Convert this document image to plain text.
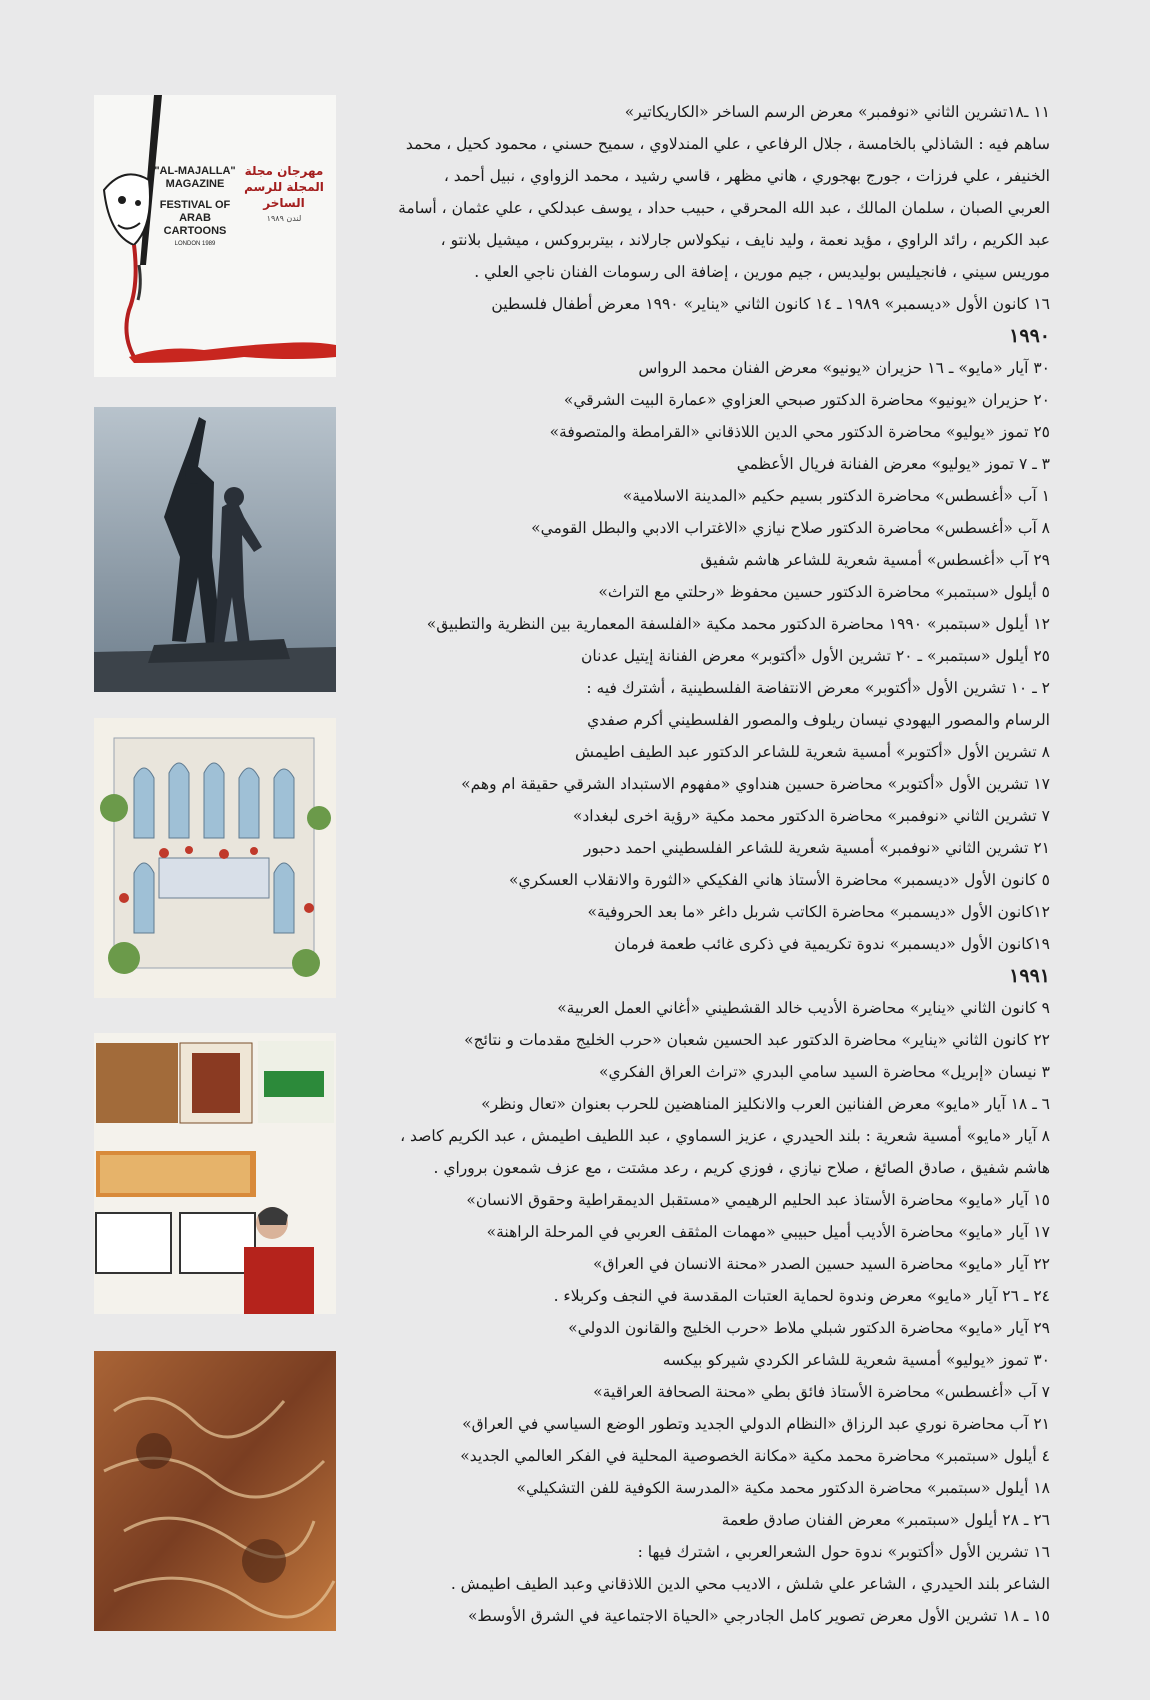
"AL-MAJALLA"
MAGAZINE
FESTIVAL OF
ARAB CARTOONS
LONDON 1989
مهرجان مجلة المجلة للرسم الساخر
لندن ١٩٨٩

١١ ـ١٨تشرين الثاني «نوفمبر» معرض الرسم الساخر «الكاريكاتير»

ساهم فيه : الشاذلي بالخامسة ، جلال الرفاعي ، علي المندلاوي ، سميح حسني ، محمود كحيل ، محمد

الخنيفر ، علي فرزات ، جورج بهجوري ، هاني مظهر ، قاسي رشيد ، محمد الزواوي ، نبيل أحمد ،

العربي الصبان ، سلمان المالك ، عبد الله المحرقي ، حبيب حداد ، يوسف عبدلكي ، علي عثمان ، أسامة

عبد الكريم ، رائد الراوي ، مؤيد نعمة ، وليد نايف ، نيكولاس جارلاند ، بيتربروكس ، ميشيل بلانتو ،

موريس سيني ، فانجيليس بوليديس ، جيم مورين ، إضافة الى رسومات الفنان ناجي العلي .

١٦ كانون الأول «ديسمبر» ١٩٨٩ ـ ١٤ كانون الثاني «يناير» ١٩٩٠ معرض أطفال فلسطين

١٩٩٠

٣٠ آيار «مايو» ـ ١٦ حزيران «يونيو» معرض الفنان محمد الرواس

٢٠ حزيران «يونيو» محاضرة الدكتور صبحي العزاوي «عمارة البيت الشرقي»

٢٥ تموز «يوليو» محاضرة الدكتور محي الدين اللاذقاني «القرامطة والمتصوفة»

٣ ـ ٧ تموز «يوليو» معرض الفنانة فريال الأعظمي

١ آب «أغسطس» محاضرة الدكتور بسيم حكيم «المدينة الاسلامية»

٨ آب «أغسطس» محاضرة الدكتور صلاح نيازي «الاغتراب الادبي والبطل القومي»

٢٩ آب «أغسطس» أمسية شعرية للشاعر هاشم شفيق

٥ أيلول «سبتمبر» محاضرة الدكتور حسين محفوظ «رحلتي مع التراث»

١٢ أيلول «سبتمبر» ١٩٩٠ محاضرة الدكتور محمد مكية «الفلسفة المعمارية بين النظرية والتطبيق»

٢٥ أيلول «سبتمبر» ـ ٢٠ تشرين الأول «أكتوبر» معرض الفنانة إيتيل عدنان

٢ ـ ١٠ تشرين الأول «أكتوبر» معرض الانتفاضة الفلسطينية ، أشترك فيه :

الرسام والمصور اليهودي نيسان ريلوف والمصور الفلسطيني أكرم صفدي

٨ تشرين الأول «أكتوبر» أمسية شعرية للشاعر الدكتور عبد الطيف اطيمش

١٧ تشرين الأول «أكتوبر» محاضرة حسين هنداوي «مفهوم الاستبداد الشرقي حقيقة ام وهم»

٧ تشرين الثاني «نوفمبر» محاضرة الدكتور محمد مكية «رؤية اخرى لبغداد»

٢١ تشرين الثاني «نوفمبر» أمسية شعرية للشاعر الفلسطيني احمد دحبور

٥ كانون الأول «ديسمبر» محاضرة الأستاذ هاني الفكيكي «الثورة والانقلاب العسكري»

١٢كانون الأول «ديسمبر» محاضرة الكاتب شربل داغر «ما بعد الحروفية»

١٩كانون الأول «ديسمبر» ندوة تكريمية في ذكرى غائب طعمة فرمان

١٩٩١

٩ كانون الثاني «يناير» محاضرة الأديب خالد القشطيني «أغاني العمل العربية»

٢٢ كانون الثاني «يناير» محاضرة الدكتور عبد الحسين شعبان «حرب الخليج مقدمات و نتائج»

٣ نيسان «إبريل» محاضرة السيد سامي البدري «تراث العراق الفكري»

٦ ـ ١٨ آيار «مايو» معرض الفنانين العرب والانكليز المناهضين للحرب بعنوان «تعال ونظر»

٨ آيار «مايو» أمسية شعرية : بلند الحيدري ، عزيز السماوي ، عبد اللطيف اطيمش ، عبد الكريم كاصد ،

هاشم شفيق ، صادق الصائغ ، صلاح نيازي ، فوزي كريم ، رعد مشتت ، مع عزف شمعون بروراي .

١٥ آيار «مايو» محاضرة الأستاذ عبد الحليم الرهيمي «مستقبل الديمقراطية وحقوق الانسان»

١٧ آيار «مايو» محاضرة الأديب أميل حبيبي «مهمات المثقف العربي في المرحلة الراهنة»

٢٢ آيار «مايو» محاضرة السيد حسين الصدر «محنة الانسان في العراق»

٢٤ ـ ٢٦ آيار «مايو» معرض وندوة لحماية العتبات المقدسة في النجف وكربلاء .

٢٩ آيار «مايو» محاضرة الدكتور شبلي ملاط «حرب الخليج والقانون الدولي»

٣٠ تموز «يوليو» أمسية شعرية للشاعر الكردي شيركو بيكسه

٧ آب «أغسطس» محاضرة الأستاذ فائق بطي «محنة الصحافة العراقية»

٢١ آب محاضرة نوري عبد الرزاق «النظام الدولي الجديد وتطور الوضع السياسي في العراق»

٤ أيلول «سبتمبر» محاضرة محمد مكية «مكانة الخصوصية المحلية في الفكر العالمي الجديد»

١٨ أيلول «سبتمبر» محاضرة الدكتور محمد مكية «المدرسة الكوفية للفن التشكيلي»

٢٦ ـ ٢٨ أيلول «سبتمبر» معرض الفنان صادق طعمة

١٦ تشرين الأول «أكتوبر» ندوة حول الشعرالعربي ، اشترك فيها :

الشاعر بلند الحيدري ، الشاعر علي شلش ، الاديب محي الدين اللاذقاني وعبد الطيف اطيمش .

١٥ ـ ١٨ تشرين الأول معرض تصوير كامل الجادرجي «الحياة الاجتماعية في الشرق الأوسط»
